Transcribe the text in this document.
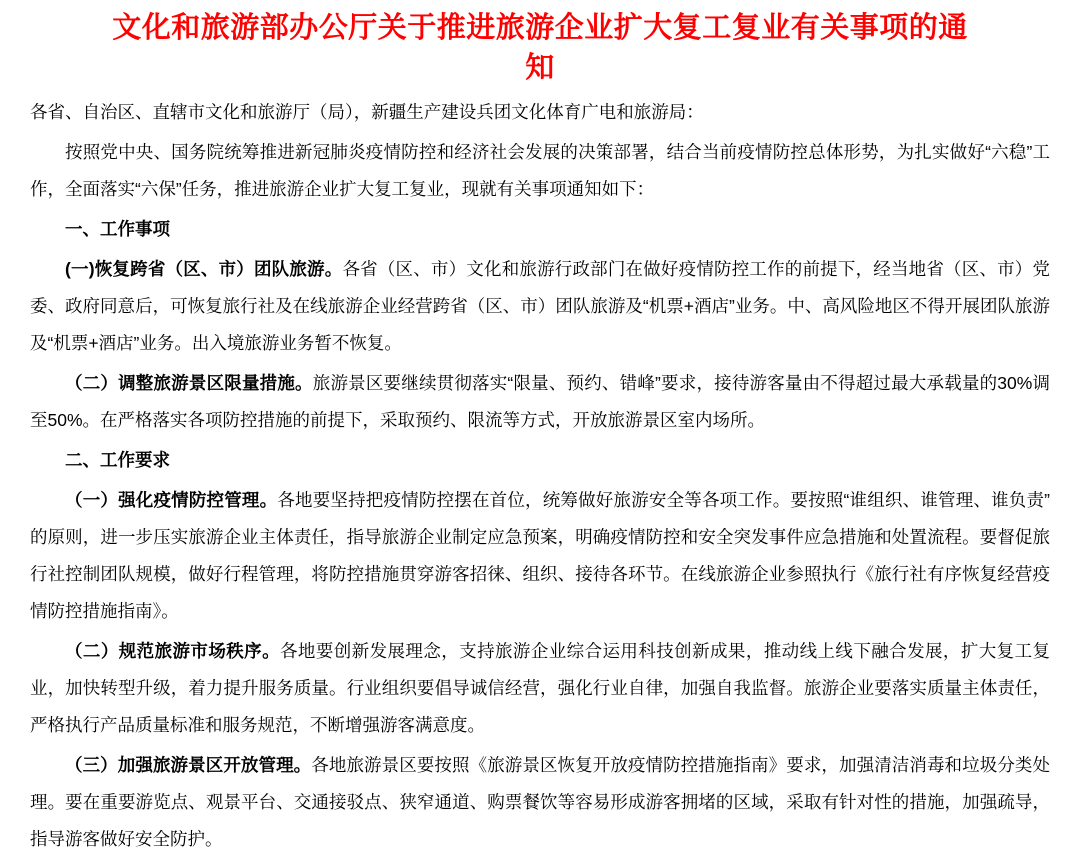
文化和旅游部办公厅关于推进旅游企业扩大复工复业有关事项的通
知

各省、自治区、直辖市文化和旅游厅（局），新疆生产建设兵团文化体育广电和旅游局：

按照党中央、国务院统筹推进新冠肺炎疫情防控和经济社会发展的决策部署，结合当前疫情防控总体形势，为扎实做好“六稳”工作，全面落实“六保”任务，推进旅游企业扩大复工复业，现就有关事项通知如下：

一、工作事项

(一)恢复跨省（区、市）团队旅游。各省（区、市）文化和旅游行政部门在做好疫情防控工作的前提下，经当地省（区、市）党委、政府同意后，可恢复旅行社及在线旅游企业经营跨省（区、市）团队旅游及“机票+酒店”业务。中、高风险地区不得开展团队旅游及“机票+酒店”业务。出入境旅游业务暂不恢复。

（二）调整旅游景区限量措施。旅游景区要继续贯彻落实“限量、预约、错峰”要求，接待游客量由不得超过最大承载量的30%调至50%。在严格落实各项防控措施的前提下，采取预约、限流等方式，开放旅游景区室内场所。

二、工作要求

（一）强化疫情防控管理。各地要坚持把疫情防控摆在首位，统筹做好旅游安全等各项工作。要按照“谁组织、谁管理、谁负责”的原则，进一步压实旅游企业主体责任，指导旅游企业制定应急预案，明确疫情防控和安全突发事件应急措施和处置流程。要督促旅行社控制团队规模，做好行程管理，将防控措施贯穿游客招徕、组织、接待各环节。在线旅游企业参照执行《旅行社有序恢复经营疫情防控措施指南》。

（二）规范旅游市场秩序。各地要创新发展理念，支持旅游企业综合运用科技创新成果，推动线上线下融合发展，扩大复工复业，加快转型升级，着力提升服务质量。行业组织要倡导诚信经营，强化行业自律，加强自我监督。旅游企业要落实质量主体责任，严格执行产品质量标准和服务规范，不断增强游客满意度。

（三）加强旅游景区开放管理。各地旅游景区要按照《旅游景区恢复开放疫情防控措施指南》要求，加强清洁消毒和垃圾分类处理。要在重要游览点、观景平台、交通接驳点、狭窄通道、购票餐饮等容易形成游客拥堵的区域，采取有针对性的措施，加强疏导，指导游客做好安全防护。
